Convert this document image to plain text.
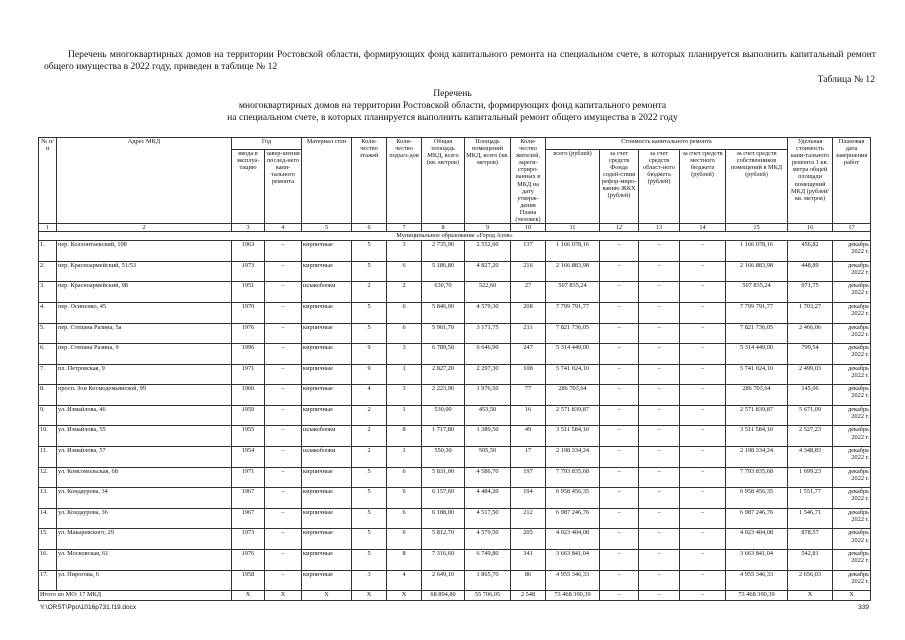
Перечень многоквартирных домов на территории Ростовской области, формирующих фонд капитального ремонта на специальном счете, в которых планируется выполнить капитальный ремонт общего имущества в 2022 году, приведен в таблице № 12
Таблица № 12
Перечень
многоквартирных домов на территории Ростовской области, формирующих фонд капитального ремонта
на специальном счете, в которых планируется выполнить капитальный ремонт общего имущества в 2022 году
№ п/п	Адрес МКД	Год		Материал стен	Коли-чество этажей	Коли-чество подъез-дов	Общая площадь МКД, всего (кв. метров)	Площадь помещений МКД, всего (кв. метров)	Коли-чество жителей, зареги-стриро-ванных в МКД на дату утверж-дения Плана (человек)	Стоимость капитального ремонта					Удельная стоимость капи-тального ремонта 1 кв. метра общей площади помещений МКД (рублей/ кв. метров)	Плановая дата завершения работ
		ввода в эксплуа-тацию	завер-шения послед-него капи-тального ремонта							всего (рублей)	за счет средств Фонда содей-ствия рефор-миро-ванию ЖКХ (рублей)	за счет средств област-ного бюджета (рублей)	за счет средств местного бюджета (рублей)	за счет средств собственников помещений в МКД (рублей)		
1	2	3	4	5	6	7	8	9	10	11	12	13	14	15	16	17
Муниципальное образование «Город Азов»																
1.	пер. Коллонтаевский, 108	1963	–	кирпичные	5	3	2 735,90	2 552,60	137	1 166 078,16	–	–	–	1 166 078,16	456,82	декабрь 2022 г.
2.	пер. Красноармейский, 51/53	1973	–	кирпичные	5	6	5 186,80	4 827,20	216	2 166 883,98	–	–	–	2 166 883,98	448,89	декабрь 2022 г.
3.	пер. Красноармейский, 98	1951	–	шлакоблоки	2	2	630,70	522,60	27	507 835,24	–	–	–	507 835,24	971,75	декабрь 2022 г.
4.	пер. Осипенко, 45	1970	–	кирпичные	5	6	5 846,00	4 579,30	208	7 799 791,77	–	–	–	7 799 791,77	1 703,27	декабрь 2022 г.
5.	пер. Степана Разина, 5а	1976	–	кирпичные	5	6	5 901,70	3 171,75	211	7 821 736,05	–	–	–	7 821 736,05	2 466,06	декабрь 2022 г.
6.	пер. Степана Разина, 9	1996	–	кирпичные	9	3	6 789,50	6 646,90	247	5 314 449,00	–	–	–	5 314 449,00	799,54	декабрь 2022 г.
7.	пл. Петровская, 9	1971	–	кирпичные	9	1	2 827,20	2 297,30	108	5 741 024,10	–	–	–	5 741 024,10	2 499,03	декабрь 2022 г.
8.	просп. Зои Космодемьянской, 99	1960	–	кирпичные	4	3	2 223,90	1 976,50	77	286 703,64	–	–	–	286 703,64	145,06	декабрь 2022 г.
9.	ул. Измайлова, 46	1959	–	кирпичные	2	1	530,00	453,50	16	2 571 839,87	–	–	–	2 571 839,87	5 671,09	декабрь 2022 г.
10.	ул. Измайлова, 55	1955	–	шлакоблоки	2	8	1 717,80	1 389,50	49	3 511 584,10	–	–	–	3 511 584,10	2 527,23	декабрь 2022 г.
11.	ул. Измайлова, 57	1954	–	шлакоблоки	2	1	550,30	505,50	17	2 198 334,24	–	–	–	2 198 334,24	4 348,83	декабрь 2022 г.
12.	ул. Комсомольская, 68	1971	–	кирпичные	5	6	5 831,00	4 586,70	197	7 793 835,68	–	–	–	7 793 835,68	1 699,23	декабрь 2022 г.
13.	ул. Кондаурова, 34	1967	–	кирпичные	5	6	6 157,60	4 484,20	194	6 958 456,35	–	–	–	6 958 456,35	1 551,77	декабрь 2022 г.
14.	ул. Кондаурова, 36	1967	–	кирпичные	5	6	6 188,00	4 517,50	212	6 987 246,76	–	–	–	6 987 246,76	1 546,71	декабрь 2022 г.
15.	ул. Макаревского, 29	1973	–	кирпичные	5	6	5 812,70	4 579,50	205	4 023 404,08	–	–	–	4 023 404,08	878,57	декабрь 2022 г.
16.	ул. Московская, 61	1976	–	кирпичные	5	8	7 316,60	6 749,80	341	3 663 841,04	–	–	–	3 663 841,04	542,81	декабрь 2022 г.
17.	ул. Пирогова, 6	1958	–	кирпичные	3	4	2 649,10	1 865,70	86	4 955 346,33	–	–	–	4 955 346,33	2 656,03	декабрь 2022 г.
Итого по МО: 17 МКД		X	X	X	X	X	68 894,80	55 706,05	2 548	73 468 390,39	–	–	–	73 468 390,39	X	X
Y:\ORST\Ppo\1016p731.f19.docx	339
